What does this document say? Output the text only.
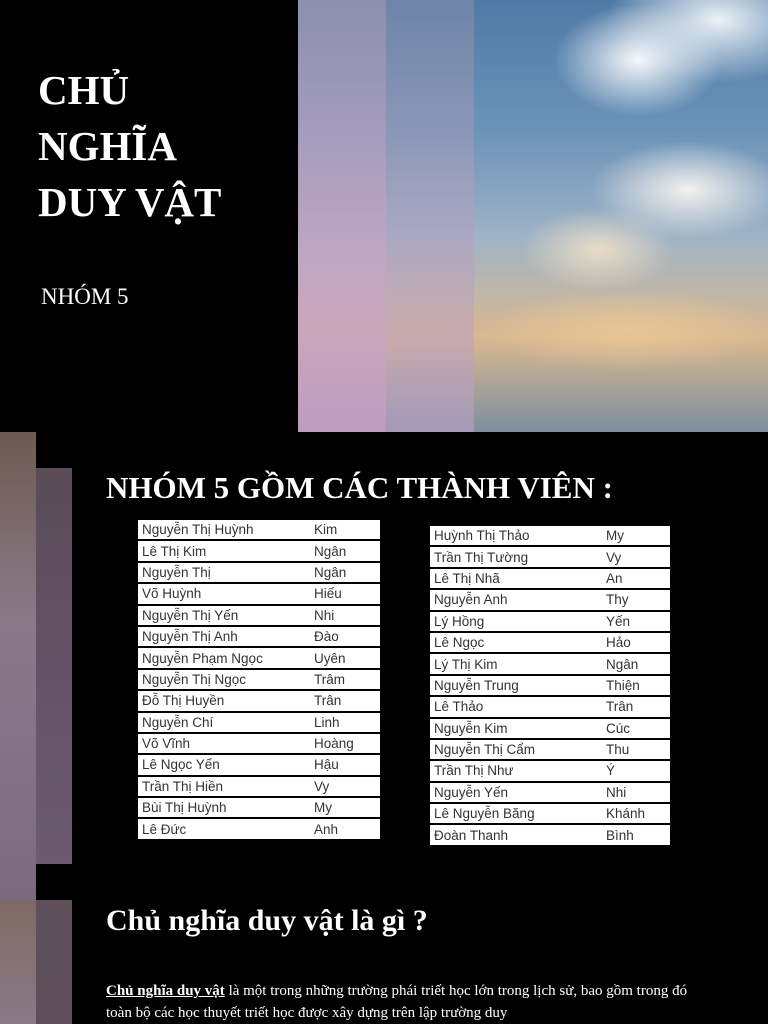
CHỦ
NGHĨA
DUY VẬT
NHÓM 5
NHÓM 5 GỒM CÁC THÀNH VIÊN :
Nguyễn Thị Huỳnh	Kim
Lê Thị Kim	Ngân
Nguyễn Thị	Ngân
Võ Huỳnh	Hiếu
Nguyễn Thị Yến	Nhi
Nguyễn Thị Anh	Đào
Nguyễn Phạm Ngọc	Uyên
Nguyễn Thị Ngọc	Trâm
Đỗ Thị Huyền	Trân
Nguyễn Chí	Linh
Võ Vĩnh	Hoàng
Lê Ngọc Yến	Hậu
Trần Thị Hiền	Vy
Bùi Thị Huỳnh	My
Lê Đức	Anh
Huỳnh Thị Thảo	My
Trần Thị Tường	Vy
Lê Thị Nhã	An
Nguyễn Anh	Thy
Lý Hồng	Yến
Lê Ngọc	Hảo
Lý Thị Kim	Ngân
Nguyễn Trung	Thiện
Lê Thảo	Trân
Nguyễn Kim	Cúc
Nguyễn Thị Cẩm	Thu
Trần Thị Như	Ý
Nguyễn Yến	Nhi
Lê Nguyễn Băng	Khánh
Đoàn Thanh	Bình
Chủ nghĩa duy vật là gì ?
Chủ nghĩa duy vật là một trong những trường phái triết học lớn trong lịch sử, bao gồm trong đó toàn bộ các học thuyết triết học được xây dựng trên lập trường duy
